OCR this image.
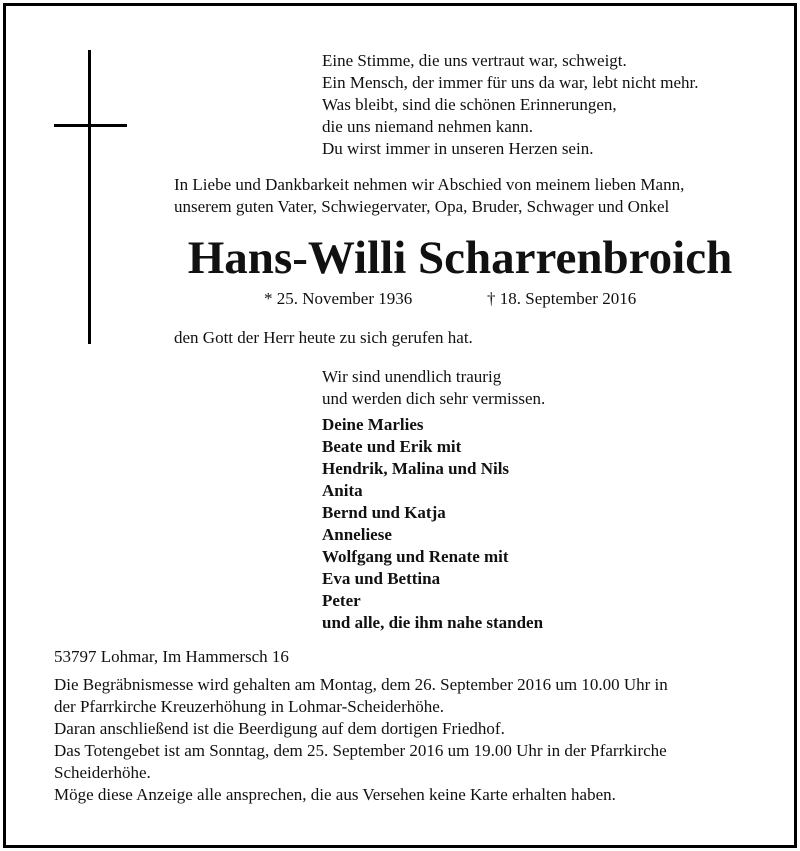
Eine Stimme, die uns vertraut war, schweigt.
Ein Mensch, der immer für uns da war, lebt nicht mehr.
Was bleibt, sind die schönen Erinnerungen,
die uns niemand nehmen kann.
Du wirst immer in unseren Herzen sein.
In Liebe und Dankbarkeit nehmen wir Abschied von meinem lieben Mann,
unserem guten Vater, Schwiegervater, Opa, Bruder, Schwager und Onkel
Hans-Willi Scharrenbroich
* 25. November 1936	† 18. September 2016
den Gott der Herr heute zu sich gerufen hat.
Wir sind unendlich traurig
und werden dich sehr vermissen.
Deine Marlies
Beate und Erik mit
Hendrik, Malina und Nils
Anita
Bernd und Katja
Anneliese
Wolfgang und Renate mit
Eva und Bettina
Peter
und alle, die ihm nahe standen
53797 Lohmar, Im Hammersch 16
Die Begräbnismesse wird gehalten am Montag, dem 26. September 2016 um 10.00 Uhr in
der Pfarrkirche Kreuzerhöhung in Lohmar-Scheiderhöhe.
Daran anschließend ist die Beerdigung auf dem dortigen Friedhof.
Das Totengebet ist am Sonntag, dem 25. September 2016 um 19.00 Uhr in der Pfarrkirche
Scheiderhöhe.
Möge diese Anzeige alle ansprechen, die aus Versehen keine Karte erhalten haben.
